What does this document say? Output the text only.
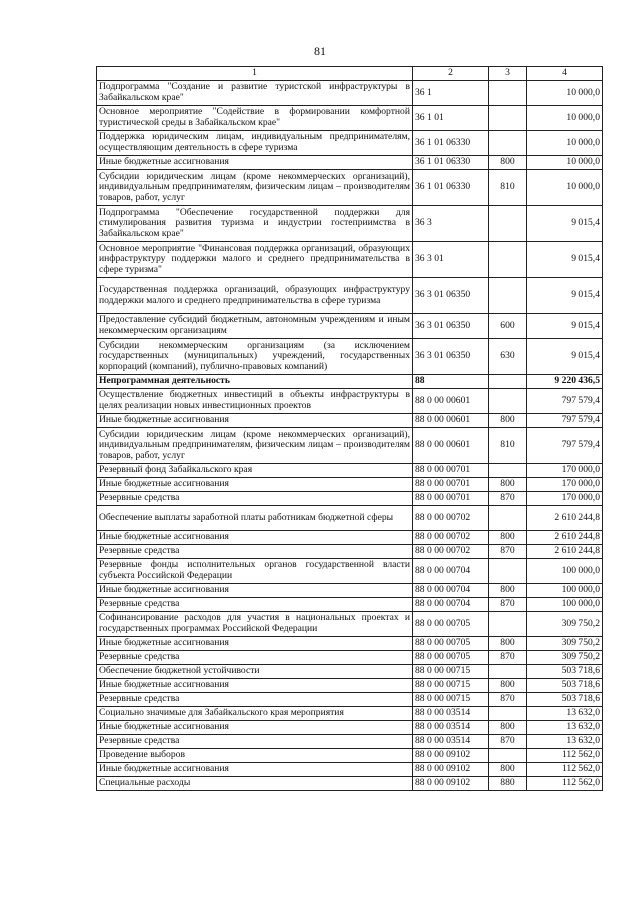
81
1	2	3	4
Подпрограмма "Создание и развитие туристской инфраструктуры в Забайкальском крае"	36 1		10 000,0
Основное мероприятие "Содействие в формировании комфортной туристической среды в Забайкальском крае"	36 1 01		10 000,0
Поддержка юридическим лицам, индивидуальным предпринимателям, осуществляющим деятельность в сфере туризма	36 1 01 06330		10 000,0
Иные бюджетные ассигнования	36 1 01 06330	800	10 000,0
Субсидии юридическим лицам (кроме некоммерческих организаций), индивидуальным предпринимателям, физическим лицам – производителям товаров, работ, услуг	36 1 01 06330	810	10 000,0
Подпрограмма "Обеспечение государственной поддержки для стимулирования развития туризма и индустрии гостеприимства в Забайкальском крае"	36 3		9 015,4
Основное мероприятие "Финансовая поддержка организаций, образующих инфраструктуру поддержки малого и среднего предпринимательства в сфере туризма"	36 3 01		9 015,4
Государственная поддержка организаций, образующих инфраструктуру поддержки малого и среднего предпринимательства в сфере туризма	36 3 01 06350		9 015,4
Предоставление субсидий бюджетным, автономным учреждениям и иным некоммерческим организациям	36 3 01 06350	600	9 015,4
Субсидии некоммерческим организациям (за исключением государственных (муниципальных) учреждений, государственных корпораций (компаний), публично-правовых компаний)	36 3 01 06350	630	9 015,4
Непрограммная деятельность	88		9 220 436,5
Осуществление бюджетных инвестиций в объекты инфраструктуры в целях реализации новых инвестиционных проектов	88 0 00 00601		797 579,4
Иные бюджетные ассигнования	88 0 00 00601	800	797 579,4
Субсидии юридическим лицам (кроме некоммерческих организаций), индивидуальным предпринимателям, физическим лицам – производителям товаров, работ, услуг	88 0 00 00601	810	797 579,4
Резервный фонд Забайкальского края	88 0 00 00701		170 000,0
Иные бюджетные ассигнования	88 0 00 00701	800	170 000,0
Резервные средства	88 0 00 00701	870	170 000,0
Обеспечение выплаты заработной платы работникам бюджетной сферы	88 0 00 00702		2 610 244,8
Иные бюджетные ассигнования	88 0 00 00702	800	2 610 244,8
Резервные средства	88 0 00 00702	870	2 610 244,8
Резервные фонды исполнительных органов государственной власти субъекта Российской Федерации	88 0 00 00704		100 000,0
Иные бюджетные ассигнования	88 0 00 00704	800	100 000,0
Резервные средства	88 0 00 00704	870	100 000,0
Софинансирование расходов для участия в национальных проектах и государственных программах Российской Федерации	88 0 00 00705		309 750,2
Иные бюджетные ассигнования	88 0 00 00705	800	309 750,2
Резервные средства	88 0 00 00705	870	309 750,2
Обеспечение бюджетной устойчивости	88 0 00 00715		503 718,6
Иные бюджетные ассигнования	88 0 00 00715	800	503 718,6
Резервные средства	88 0 00 00715	870	503 718,6
Социально значимые для Забайкальского края мероприятия	88 0 00 03514		13 632,0
Иные бюджетные ассигнования	88 0 00 03514	800	13 632,0
Резервные средства	88 0 00 03514	870	13 632,0
Проведение выборов	88 0 00 09102		112 562,0
Иные бюджетные ассигнования	88 0 00 09102	800	112 562,0
Специальные расходы	88 0 00 09102	880	112 562,0
